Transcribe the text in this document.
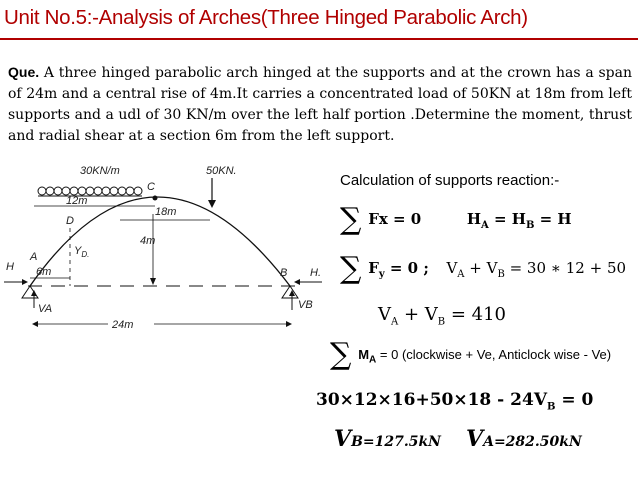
Unit No.5:-Analysis of Arches(Three Hinged Parabolic Arch)
Que. A three hinged parabolic arch hinged at the supports and at the crown has a span of 24m and a central rise of 4m.It carries a concentrated load of 50KN at 18m from left supports and a udl of 30 KN/m over the left half portion .Determine the moment, thrust and radial shear at a section 6m from the left support.
30KN/m	50KN.
C
12m
D
$Y_{D.}$
18m
4m
6m
A
B
H	H.
VA	VB
24m
Calculation of supports reaction:-
∑ Fx = 0	$H_A = H_B = H$
∑ $F_y = 0$ ; $V_A + V_B = 30$ ∗ 12 + 50
$V_A + V_B = 410$
∑ $M_A = 0$ (clockwise + Ve, Anticlock wise - Ve)
$30\times 12\times 16+50\times 18 - 24V_B = 0$
VB=127.5kN VA=282.50kN
